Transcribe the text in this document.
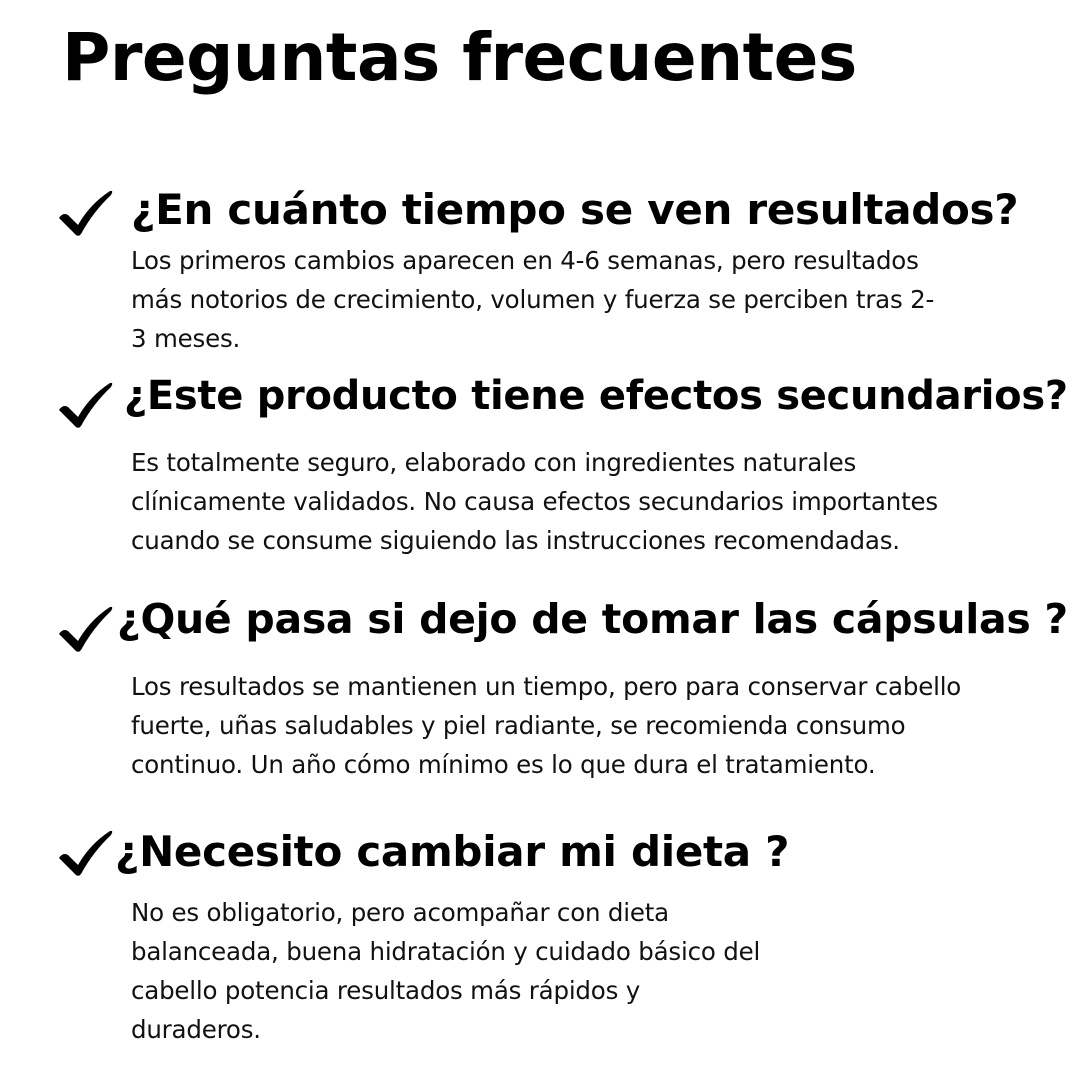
Preguntas frecuentes
¿En cuánto tiempo se ven resultados?

Los primeros cambios aparecen en 4-6 semanas, pero resultados
más notorios de crecimiento, volumen y fuerza se perciben tras 2-
3 meses.

¿Este producto tiene efectos secundarios?

Es totalmente seguro, elaborado con ingredientes naturales
clínicamente validados. No causa efectos secundarios importantes
cuando se consume siguiendo las instrucciones recomendadas.

¿Qué pasa si dejo de tomar las cápsulas ?

Los resultados se mantienen un tiempo, pero para conservar cabello
fuerte, uñas saludables y piel radiante, se recomienda consumo
continuo. Un año cómo mínimo es lo que dura el tratamiento.

¿Necesito cambiar mi dieta ?

No es obligatorio, pero acompañar con dieta
balanceada, buena hidratación y cuidado básico del
cabello potencia resultados más rápidos y
duraderos.
